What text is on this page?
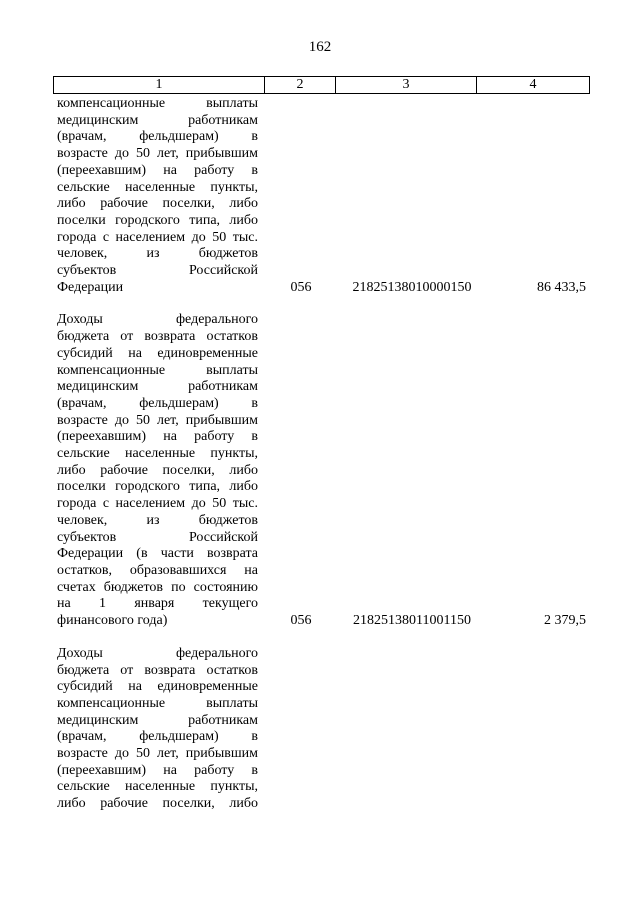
162
1	2	3	4
компенсационные выплаты
медицинским работникам
(врачам, фельдшерам) в
возрасте до 50 лет, прибывшим
(переехавшим) на работу в
сельские населенные пункты,
либо рабочие поселки, либо
поселки городского типа, либо
города с населением до 50 тыс.
человек, из бюджетов
субъектов Российской
Федерации	056	21825138010000150	86 433,5
Доходы федерального
бюджета от возврата остатков
субсидий на единовременные
компенсационные выплаты
медицинским работникам
(врачам, фельдшерам) в
возрасте до 50 лет, прибывшим
(переехавшим) на работу в
сельские населенные пункты,
либо рабочие поселки, либо
поселки городского типа, либо
города с населением до 50 тыс.
человек, из бюджетов
субъектов Российской
Федерации (в части возврата
остатков, образовавшихся на
счетах бюджетов по состоянию
на 1 января текущего
финансового года)	056	21825138011001150	2 379,5
Доходы федерального
бюджета от возврата остатков
субсидий на единовременные
компенсационные выплаты
медицинским работникам
(врачам, фельдшерам) в
возрасте до 50 лет, прибывшим
(переехавшим) на работу в
сельские населенные пункты,
либо рабочие поселки, либо
